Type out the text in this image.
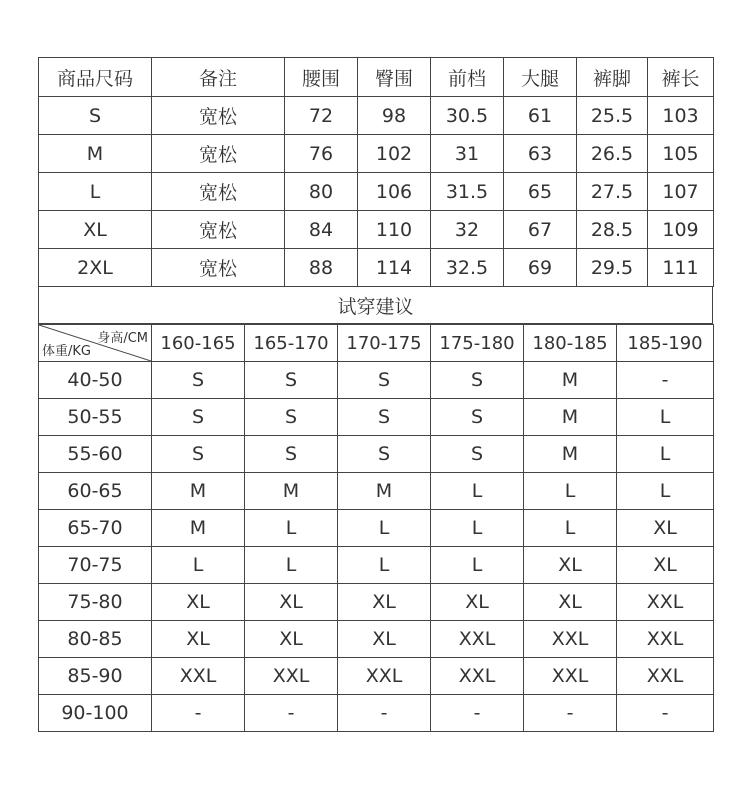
商品尺码	备注	腰围	臀围	前档	大腿	裤脚	裤长
S	宽松	72	98	30.5	61	25.5	103
M	宽松	76	102	31	63	26.5	105
L	宽松	80	106	31.5	65	27.5	107
XL	宽松	84	110	32	67	28.5	109
2XL	宽松	88	114	32.5	69	29.5	111
试穿建议
身高/CM
体重/KG	160-165	165-170	170-175	175-180	180-185	185-190
40-50	S	S	S	S	M	-
50-55	S	S	S	S	M	L
55-60	S	S	S	S	M	L
60-65	M	M	M	L	L	L
65-70	M	L	L	L	L	XL
70-75	L	L	L	L	XL	XL
75-80	XL	XL	XL	XL	XL	XXL
80-85	XL	XL	XL	XXL	XXL	XXL
85-90	XXL	XXL	XXL	XXL	XXL	XXL
90-100	-	-	-	-	-	-
